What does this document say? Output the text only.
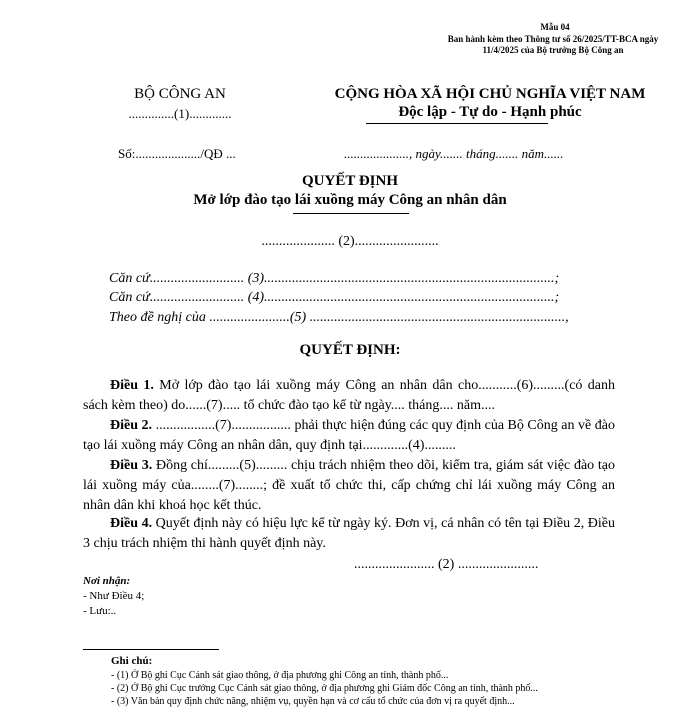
Mẫu 04
Ban hành kèm theo Thông tư số 26/2025/TT-BCA ngày 11/4/2025 của Bộ trưởng Bộ Công an
BỘ CÔNG AN
..............(1).............
CỘNG HÒA XÃ HỘI CHỦ NGHĨA VIỆT NAM
Độc lập - Tự do - Hạnh phúc
Số:..................../QĐ ...	...................., ngày....... tháng....... năm......
QUYẾT ĐỊNH
Mở lớp đào tạo lái xuồng máy Công an nhân dân
..................... (2)........................
Căn cứ........................... (3)...................................................................................;
Căn cứ........................... (4)...................................................................................;
Theo đề nghị của .......................(5) .........................................................................,
QUYẾT ĐỊNH:
Điều 1. Mở lớp đào tạo lái xuồng máy Công an nhân dân cho...........(6).........(có danh sách kèm theo) do......(7)..... tổ chức đào tạo kể từ ngày.... tháng.... năm....
Điều 2. .................(7)................. phải thực hiện đúng các quy định của Bộ Công an về đào tạo lái xuồng máy Công an nhân dân, quy định tại.............(4).........
Điều 3. Đồng chí.........(5)......... chịu trách nhiệm theo dõi, kiểm tra, giám sát việc đào tạo lái xuồng máy của........(7)........; đề xuất tổ chức thi, cấp chứng chỉ lái xuồng máy Công an nhân dân khi khoá học kết thúc.
Điều 4. Quyết định này có hiệu lực kể từ ngày ký. Đơn vị, cá nhân có tên tại Điều 2, Điều 3 chịu trách nhiệm thi hành quyết định này.
....................... (2) .......................
Nơi nhận:
- Như Điều 4;
- Lưu:..
Ghi chú:
- (1) Ở Bộ ghi Cục Cảnh sát giao thông, ở địa phương ghi Công an tỉnh, thành phố...
- (2) Ở Bộ ghi Cục trưởng Cục Cảnh sát giao thông, ở địa phương ghi Giám đốc Công an tỉnh, thành phố...
- (3) Văn bản quy định chức năng, nhiệm vụ, quyền hạn và cơ cấu tổ chức của đơn vị ra quyết định...
